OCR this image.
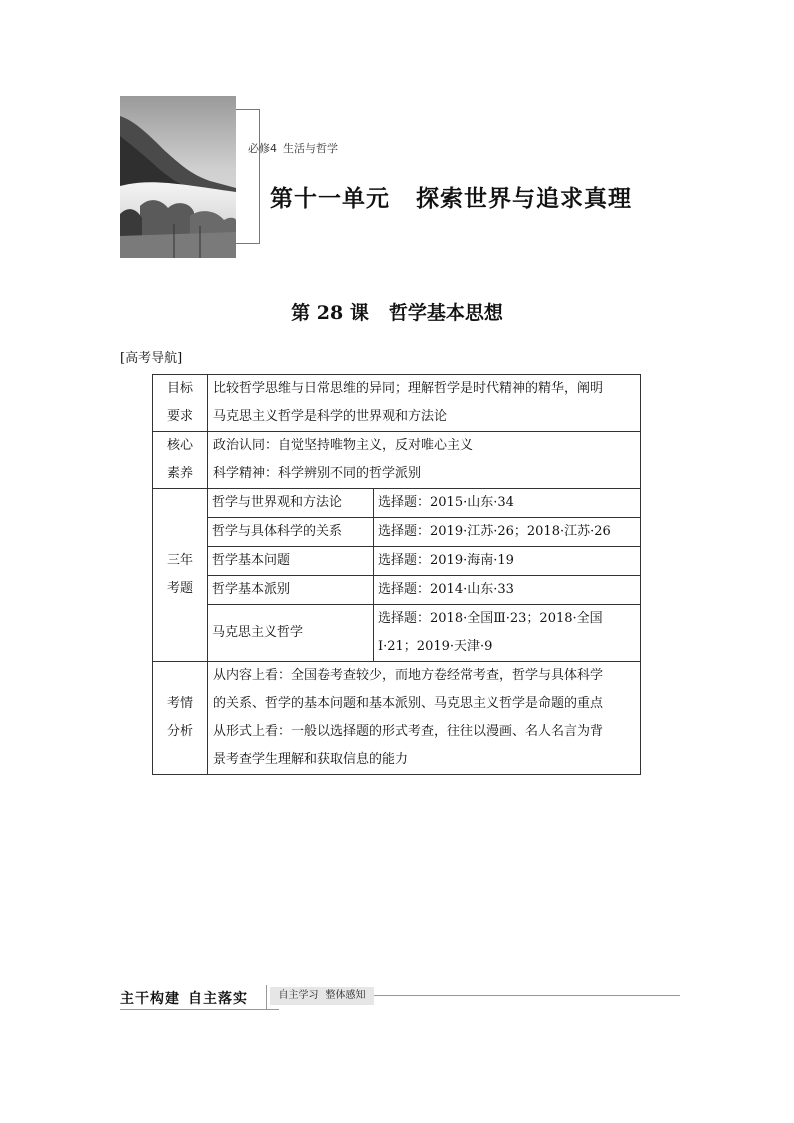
必修4 生活与哲学
第十一单元 探索世界与追求真理
第 28 课 哲学基本思想
[高考导航]
目标
要求	比较哲学思维与日常思维的异同；理解哲学是时代精神的精华，阐明
马克思主义哲学是科学的世界观和方法论	

核心
素养	政治认同：自觉坚持唯物主义，反对唯心主义
科学精神：科学辨别不同的哲学派别	

三年
考题	哲学与世界观和方法论	选择题：2015·山东·34

	哲学与具体科学的关系	选择题：2019·江苏·26；2018·江苏·26

	哲学基本问题	选择题：2019·海南·19

	哲学基本派别	选择题：2014·山东·33

	马克思主义哲学	选择题：2018·全国Ⅲ·23；2018·全国
Ⅰ·21；2019·天津·9

考情
分析	从内容上看：全国卷考查较少，而地方卷经常考查，哲学与具体科学
的关系、哲学的基本问题和基本派别、马克思主义哲学是命题的重点
从形式上看：一般以选择题的形式考查，往往以漫画、名人名言为背
景考查学生理解和获取信息的能力	
主干构建 自主落实	自主学习 整体感知
